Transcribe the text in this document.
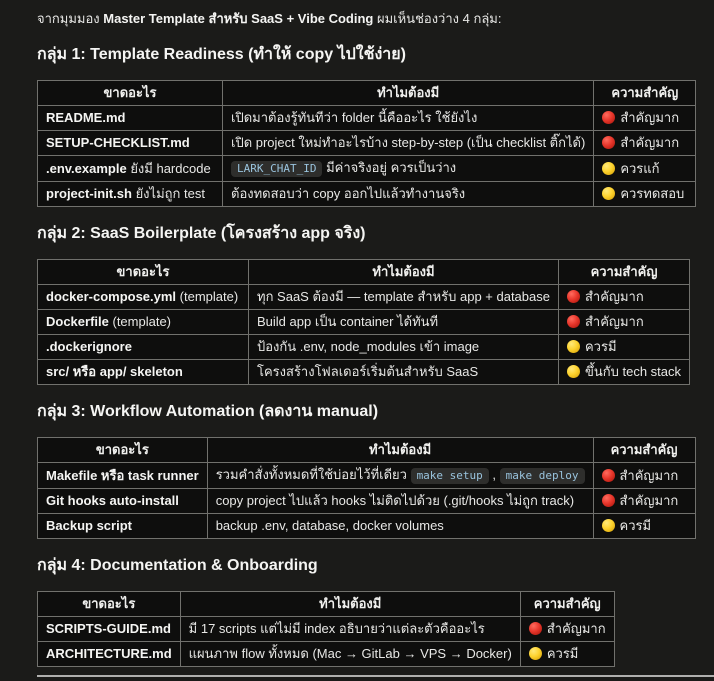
จากมุมมอง Master Template สำหรับ SaaS + Vibe Coding ผมเห็นช่องว่าง 4 กลุ่ม:

กลุ่ม 1: Template Readiness (ทำให้ copy ไปใช้ง่าย)
ขาดอะไร	ทำไมต้องมี	ความสำคัญ
README.md	เปิดมาต้องรู้ทันทีว่า folder นี้คืออะไร ใช้ยังไง	สำคัญมาก
SETUP-CHECKLIST.md	เปิด project ใหม่ทำอะไรบ้าง step-by-step (เป็น checklist ติ๊กได้)	สำคัญมาก
.env.example ยังมี hardcode	LARK_CHAT_ID มีค่าจริงอยู่ ควรเป็นว่าง	ควรแก้
project-init.sh ยังไม่ถูก test	ต้องทดสอบว่า copy ออกไปแล้วทำงานจริง	ควรทดสอบ
กลุ่ม 2: SaaS Boilerplate (โครงสร้าง app จริง)
ขาดอะไร	ทำไมต้องมี	ความสำคัญ
docker-compose.yml (template)	ทุก SaaS ต้องมี — template สำหรับ app + database	สำคัญมาก
Dockerfile (template)	Build app เป็น container ได้ทันที	สำคัญมาก
.dockerignore	ป้องกัน .env, node_modules เข้า image	ควรมี
src/ หรือ app/ skeleton	โครงสร้างโฟลเดอร์เริ่มต้นสำหรับ SaaS	ขึ้นกับ tech stack
กลุ่ม 3: Workflow Automation (ลดงาน manual)
ขาดอะไร	ทำไมต้องมี	ความสำคัญ
Makefile หรือ task runner	รวมคำสั่งทั้งหมดที่ใช้บ่อยไว้ที่เดียว make setup , make deploy	สำคัญมาก
Git hooks auto-install	copy project ไปแล้ว hooks ไม่ติดไปด้วย (.git/hooks ไม่ถูก track)	สำคัญมาก
Backup script	backup .env, database, docker volumes	ควรมี
กลุ่ม 4: Documentation & Onboarding
ขาดอะไร	ทำไมต้องมี	ความสำคัญ
SCRIPTS-GUIDE.md	มี 17 scripts แต่ไม่มี index อธิบายว่าแต่ละตัวคืออะไร	สำคัญมาก
ARCHITECTURE.md	แผนภาพ flow ทั้งหมด (Mac → GitLab → VPS → Docker)	ควรมี
